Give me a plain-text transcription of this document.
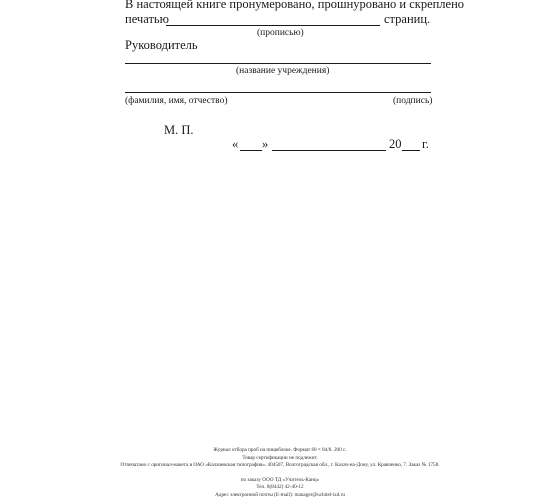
В настоящей книге пронумеровано, прошнуровано и скреплено
печатью	страниц.
(прописью)
Руководитель
(название учреждения)
(фамилия, имя, отчество)	(подпись)
М. П.
« »	20 г.
Журнал отбора проб на пищеблоке. Формат 60 × 84/8. 200 с.
Товар сертификации не подлежит.
Отпечатано с оригинал-макета в ОАО «Калачевская типография». 404507, Волгоградская обл., г. Калач-на-Дону, ул. Кравченко, 7. Заказ № 1758.
по заказу ООО ТД «Учитель-Канц»
Тел. 8(8442) 42-40-12
Адрес электронной почты (E-mail): manager@uchitel-izd.ru
